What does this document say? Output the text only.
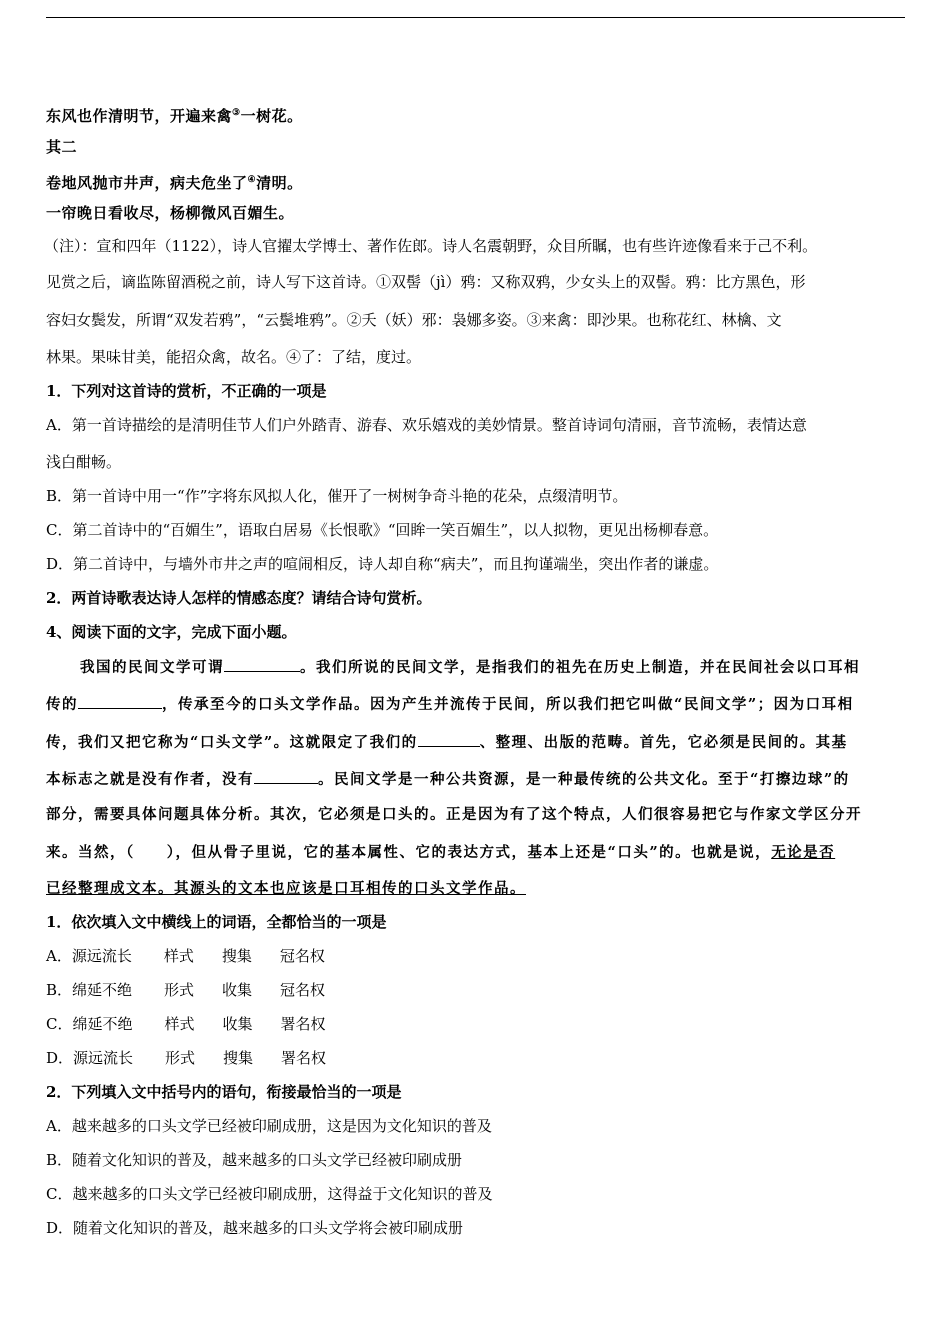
东风也作清明节，开遍来禽③一树花。
其二
卷地风抛市井声，病夫危坐了④清明。
一帘晚日看收尽，杨柳微风百媚生。
（注）：宣和四年（1122），诗人官擢太学博士、著作佐郎。诗人名震朝野，众目所瞩，也有些许迹像看来于己不利。
见赏之后，谪监陈留酒税之前，诗人写下这首诗。①双髻（jì）鸦：又称双鸦，少女头上的双髻。鸦：比方黑色，形
容妇女鬓发，所谓“双发若鸦”，“云鬓堆鸦”。②夭（妖）邪：袅娜多姿。③来禽：即沙果。也称花红、林檎、文
林果。果味甘美，能招众禽，故名。④了：了结，度过。
1．下列对这首诗的赏析，不正确的一项是
A．第一首诗描绘的是清明佳节人们户外踏青、游春、欢乐嬉戏的美妙情景。整首诗词句清丽，音节流畅，表情达意
浅白酣畅。
B．第一首诗中用一“作”字将东风拟人化，催开了一树树争奇斗艳的花朵，点缀清明节。
C．第二首诗中的“百媚生”，语取白居易《长恨歌》“回眸一笑百媚生”，以人拟物，更见出杨柳春意。
D．第二首诗中，与墙外市井之声的喧闹相反，诗人却自称“病夫”，而且拘谨端坐，突出作者的谦虚。
2．两首诗歌表达诗人怎样的情感态度？请结合诗句赏析。
4、阅读下面的文字，完成下面小题。
我国的民间文学可谓	。我们所说的民间文学，是指我们的祖先在历史上制造，并在民间社会以口耳相
传的	，传承至今的口头文学作品。因为产生并流传于民间，所以我们把它叫做“民间文学”；因为口耳相
传，我们又把它称为“口头文学”。这就限定了我们的	、整理、出版的范畴。首先，它必须是民间的。其基
本标志之就是没有作者，没有	。民间文学是一种公共资源，是一种最传统的公共文化。至于“打擦边球”的
部分，需要具体问题具体分析。其次，它必须是口头的。正是因为有了这个特点，人们很容易把它与作家文学区分开
来。当然，（　　），但从骨子里说，它的基本属性、它的表达方式，基本上还是“口头”的。也就是说，无论是否
已经整理成文本。其源头的文本也应该是口耳相传的口头文学作品。
1．依次填入文中横线上的词语，全都恰当的一项是
A．源远流长 样式 搜集 冠名权
B．绵延不绝 形式 收集 冠名权
C．绵延不绝 样式 收集 署名权
D．源远流长 形式 搜集 署名权
2．下列填入文中括号内的语句，衔接最恰当的一项是
A．越来越多的口头文学已经被印刷成册，这是因为文化知识的普及
B．随着文化知识的普及，越来越多的口头文学已经被印刷成册
C．越来越多的口头文学已经被印刷成册，这得益于文化知识的普及
D．随着文化知识的普及，越来越多的口头文学将会被印刷成册
